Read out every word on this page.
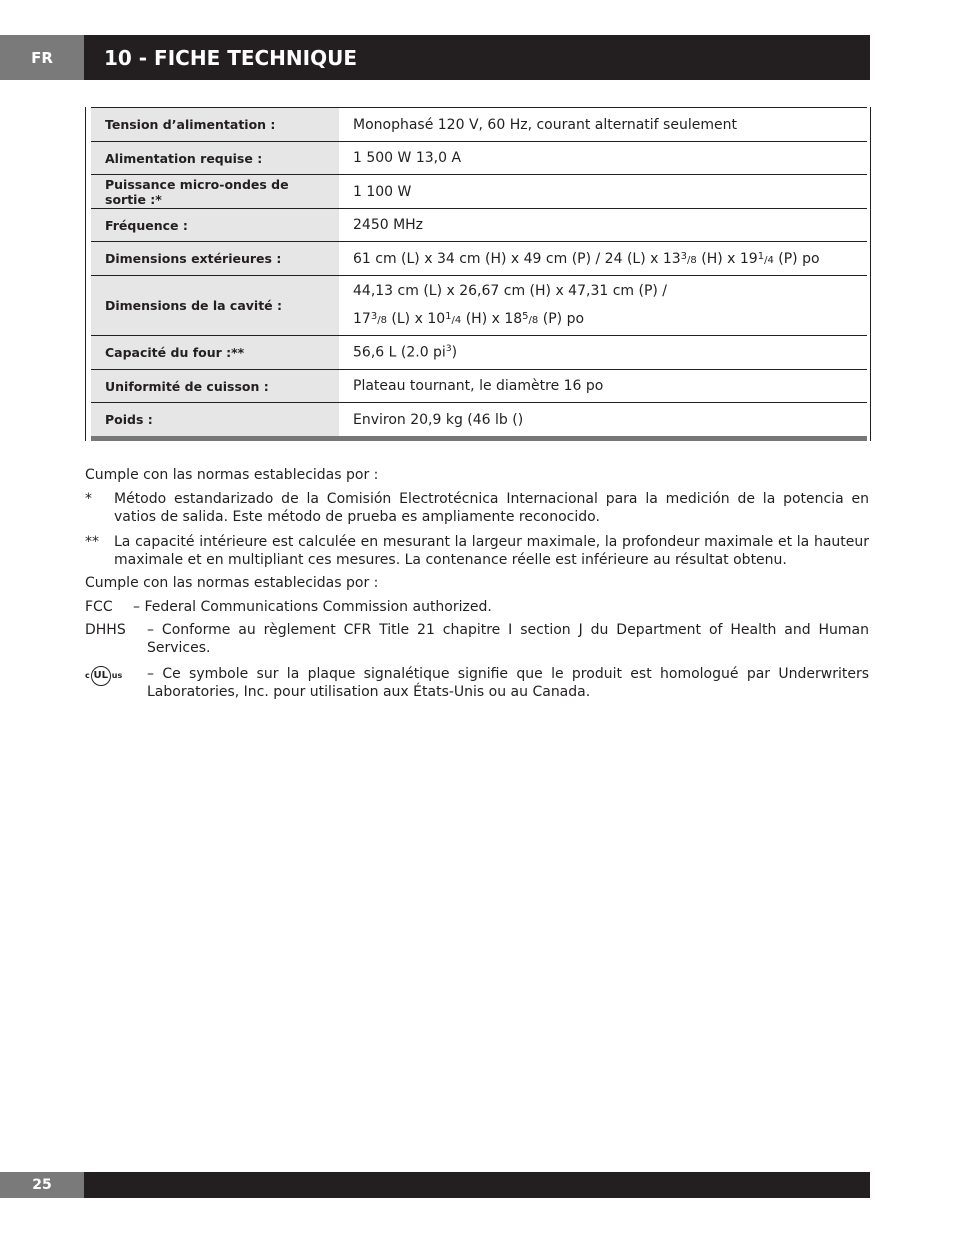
FR	10 - FICHE TECHNIQUE
Tension d’alimentation :	Monophasé 120 V, 60 Hz, courant alternatif seulement
Alimentation requise :	1 500 W 13,0 A
Puissance micro-ondes de sortie :*	1 100 W
Fréquence :	2450 MHz
Dimensions extérieures :	61 cm (L) x 34 cm (H) x 49 cm (P) / 24 (L) x 133/8 (H) x 191/4 (P) po
Dimensions de la cavité :	44,13 cm (L) x 26,67 cm (H) x 47,31 cm (P) /
173/8 (L) x 101/4 (H) x 185/8 (P) po

Capacité du four :**	56,6 L (2.0 $pi^3$)
Uniformité de cuisson :	Plateau tournant, le diamètre 16 po
Poids :	Environ 20,9 kg (46 lb ()

Cumple con las normas establecidas por :

*	Método estandarizado de la Comisión Electrotécnica Internacional para la medición de la potencia en vatios de salida. Este método de prueba es ampliamente reconocido.
**	La capacité intérieure est calculée en mesurant la largeur maximale, la profondeur maximale et la hauteur maximale et en multipliant ces mesures. La contenance réelle est inférieure au résultat obtenu.

Cumple con las normas establecidas por :

FCC	– Federal Communications Commission authorized.
DHHS	– Conforme au règlement CFR Title 21 chapitre I section J du Department of Health and Human Services.
c UL us – Ce symbole sur la plaque signalétique signifie que le produit est homologué par Underwriters Laboratories, Inc. pour utilisation aux États-Unis ou au Canada.
25
